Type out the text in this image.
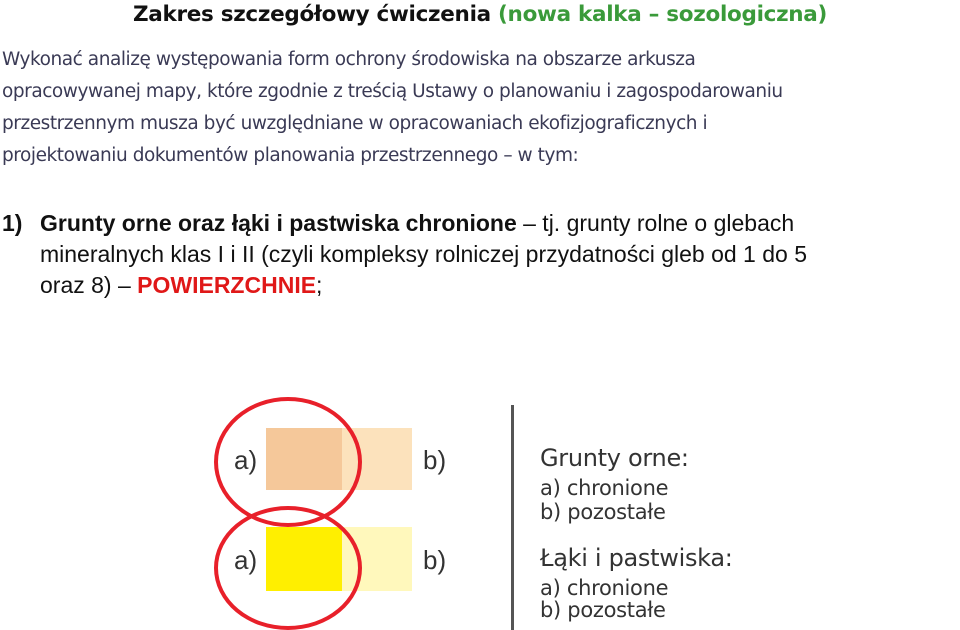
Zakres szczegółowy ćwiczenia (nowa kalka – sozologiczna)

Wykonać analizę występowania form ochrony środowiska na obszarze arkusza
opracowywanej mapy, które zgodnie z treścią Ustawy o planowaniu i zagospodarowaniu
przestrzennym musza być uwzględniane w opracowaniach ekofizjograficznych i
projektowaniu dokumentów planowania przestrzennego – w tym:

1) Grunty orne oraz łąki i pastwiska chronione – tj. grunty rolne o glebach
mineralnych klas I i II (czyli kompleksy rolniczej przydatności gleb od 1 do 5
oraz 8) – POWIERZCHNIE;
a)	b)
a)	b)
Grunty orne:
a) chronione
b) pozostałe
Łąki i pastwiska:
a) chronione
b) pozostałe
